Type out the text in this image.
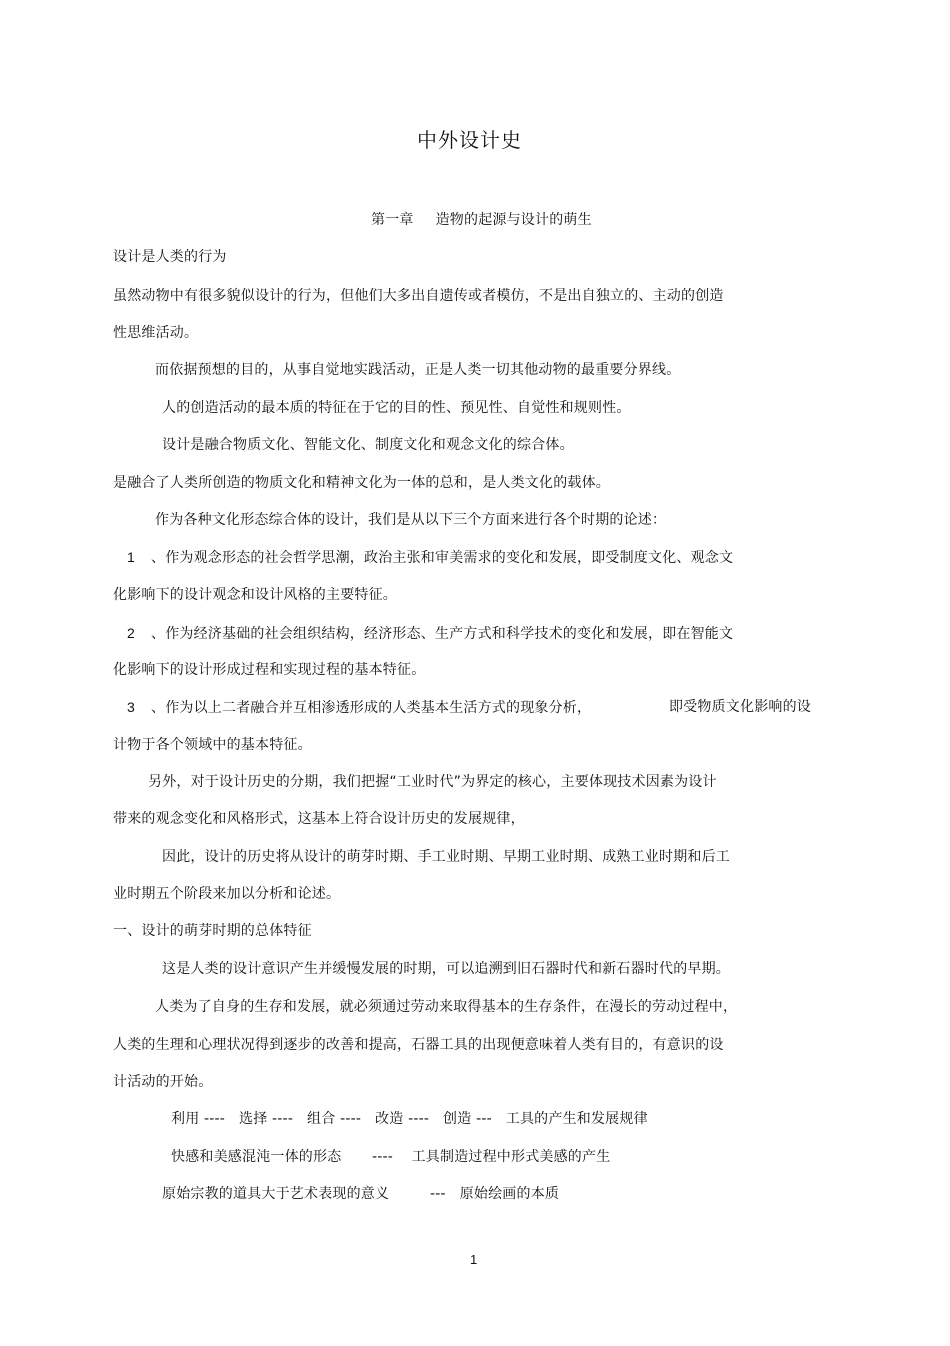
中外设计史
第一章 造物的起源与设计的萌生
设计是人类的行为
虽然动物中有很多貌似设计的行为，但他们大多出自遗传或者模仿，不是出自独立的、主动的创造
性思维活动。
而依据预想的目的，从事自觉地实践活动，正是人类一切其他动物的最重要分界线。
人的创造活动的最本质的特征在于它的目的性、预见性、自觉性和规则性。
设计是融合物质文化、智能文化、制度文化和观念文化的综合体。
是融合了人类所创造的物质文化和精神文化为一体的总和，是人类文化的载体。
作为各种文化形态综合体的设计，我们是从以下三个方面来进行各个时期的论述：
1 、作为观念形态的社会哲学思潮，政治主张和审美需求的变化和发展，即受制度文化、观念文
化影响下的设计观念和设计风格的主要特征。
2 、作为经济基础的社会组织结构，经济形态、生产方式和科学技术的变化和发展，即在智能文
化影响下的设计形成过程和实现过程的基本特征。
3 、作为以上二者融合并互相渗透形成的人类基本生活方式的现象分析，	即受物质文化影响的设
计物于各个领域中的基本特征。
另外，对于设计历史的分期，我们把握“工业时代”为界定的核心，主要体现技术因素为设计
带来的观念变化和风格形式，这基本上符合设计历史的发展规律，
因此，设计的历史将从设计的萌芽时期、手工业时期、早期工业时期、成熟工业时期和后工
业时期五个阶段来加以分析和论述。
一、设计的萌芽时期的总体特征
这是人类的设计意识产生并缓慢发展的时期，可以追溯到旧石器时代和新石器时代的早期。
人类为了自身的生存和发展，就必须通过劳动来取得基本的生存条件，在漫长的劳动过程中，
人类的生理和心理状况得到逐步的改善和提高，石器工具的出现便意味着人类有目的，有意识的设
计活动的开始。
利用 ----   选择 ----   组合 ----   改造 ----   创造 ---   工具的产生和发展规律
快感和美感混沌一体的形态 ----    工具制造过程中形式美感的产生
原始宗教的道具大于艺术表现的意义	---   原始绘画的本质
1
